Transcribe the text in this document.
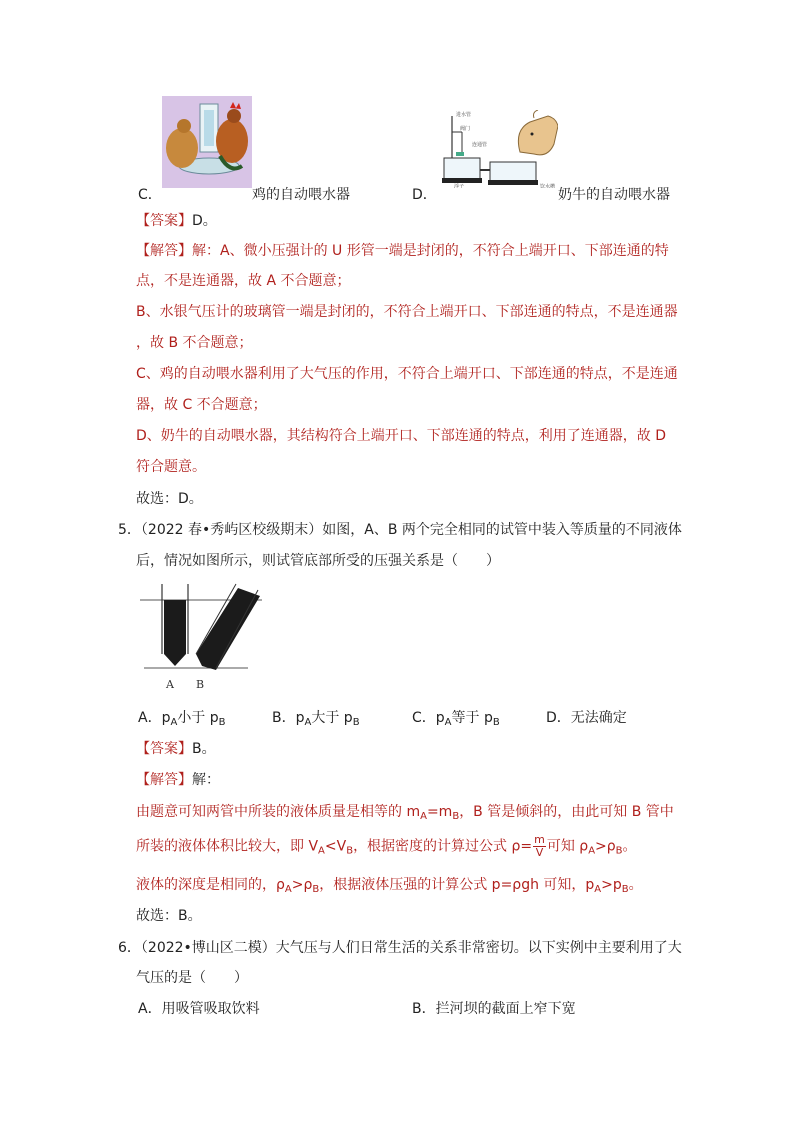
C．	鸡的自动喂水器
进水管
阀门
连通管
浮子	饮水槽
D．	奶牛的自动喂水器
【答案】D。
【解答】解：A、微小压强计的 U 形管一端是封闭的，不符合上端开口、下部连通的特
点，不是连通器，故 A 不合题意；
B、水银气压计的玻璃管一端是封闭的，不符合上端开口、下部连通的特点，不是连通器
，故 B 不合题意；
C、鸡的自动喂水器利用了大气压的作用，不符合上端开口、下部连通的特点，不是连通
器，故 C 不合题意；
D、奶牛的自动喂水器，其结构符合上端开口、下部连通的特点，利用了连通器，故 D
符合题意。
故选：D。
5．（2022 春•秀屿区校级期末）如图，A、B 两个完全相同的试管中装入等质量的不同液体
后，情况如图所示，则试管底部所受的压强关系是（　　）
A B
A．$p_A$小于 $p_B$	B．$p_A$大于 $p_B$	C．$p_A$等于 $p_B$	D．无法确定
【答案】B。
【解答】解：
由题意可知两管中所装的液体质量是相等的 $m_A=m_B$，B 管是倾斜的，由此可知 B 管中
所装的液体体积比较大，即 $V_A<V_B$，根据密度的计算过公式 $\rho= \frac{m}{V}$ 可知 $\rho_A>\rho_B$。
液体的深度是相同的，$\rho_A>\rho_B$，根据液体压强的计算公式 p=ρgh 可知，$p_A>p_B$。
故选：B。
6．（2022•博山区二模）大气压与人们日常生活的关系非常密切。以下实例中主要利用了大
气压的是（　　）
A．用吸管吸取饮料	B．拦河坝的截面上窄下宽
